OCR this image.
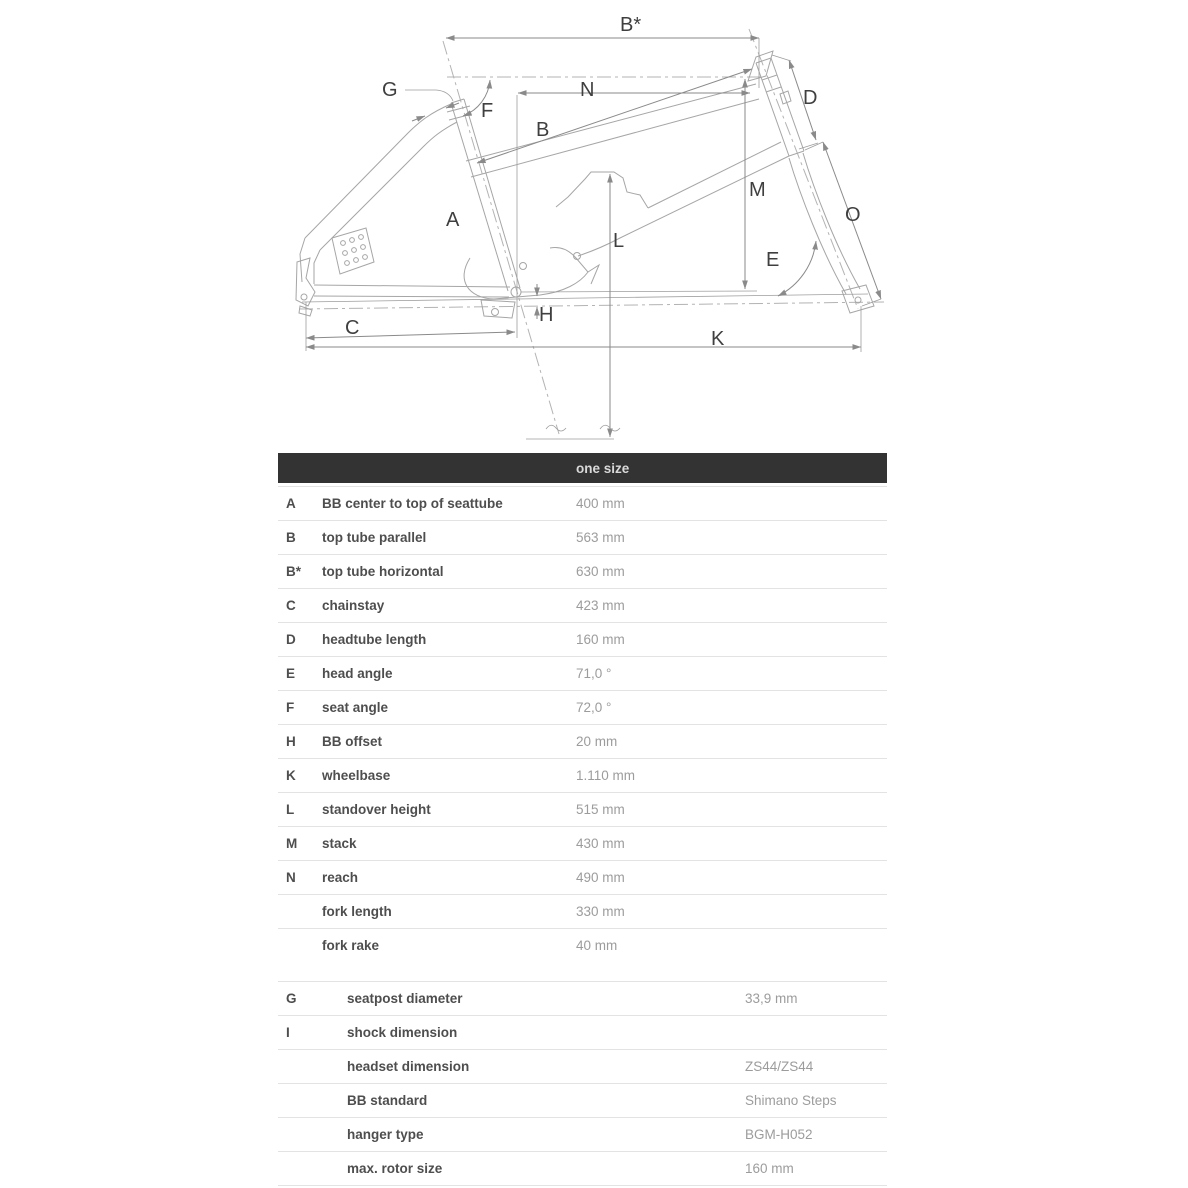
A
B
B*
C
D
E
F
G
H
K
L
M
N
O
one size
A BB center to top of seattube	400 mm
B top tube parallel	563 mm
B* top tube horizontal	630 mm
C chainstay	423 mm
D headtube length	160 mm
E head angle	71,0 °
F seat angle	72,0 °
H BB offset	20 mm
K wheelbase	1.110 mm
L standover height	515 mm
M stack	430 mm
N reach	490 mm
fork length	330 mm
fork rake	40 mm
G	seatpost diameter	33,9 mm
I	shock dimension
headset dimension	ZS44/ZS44
BB standard	Shimano Steps
hanger type	BGM-H052
max. rotor size	160 mm
